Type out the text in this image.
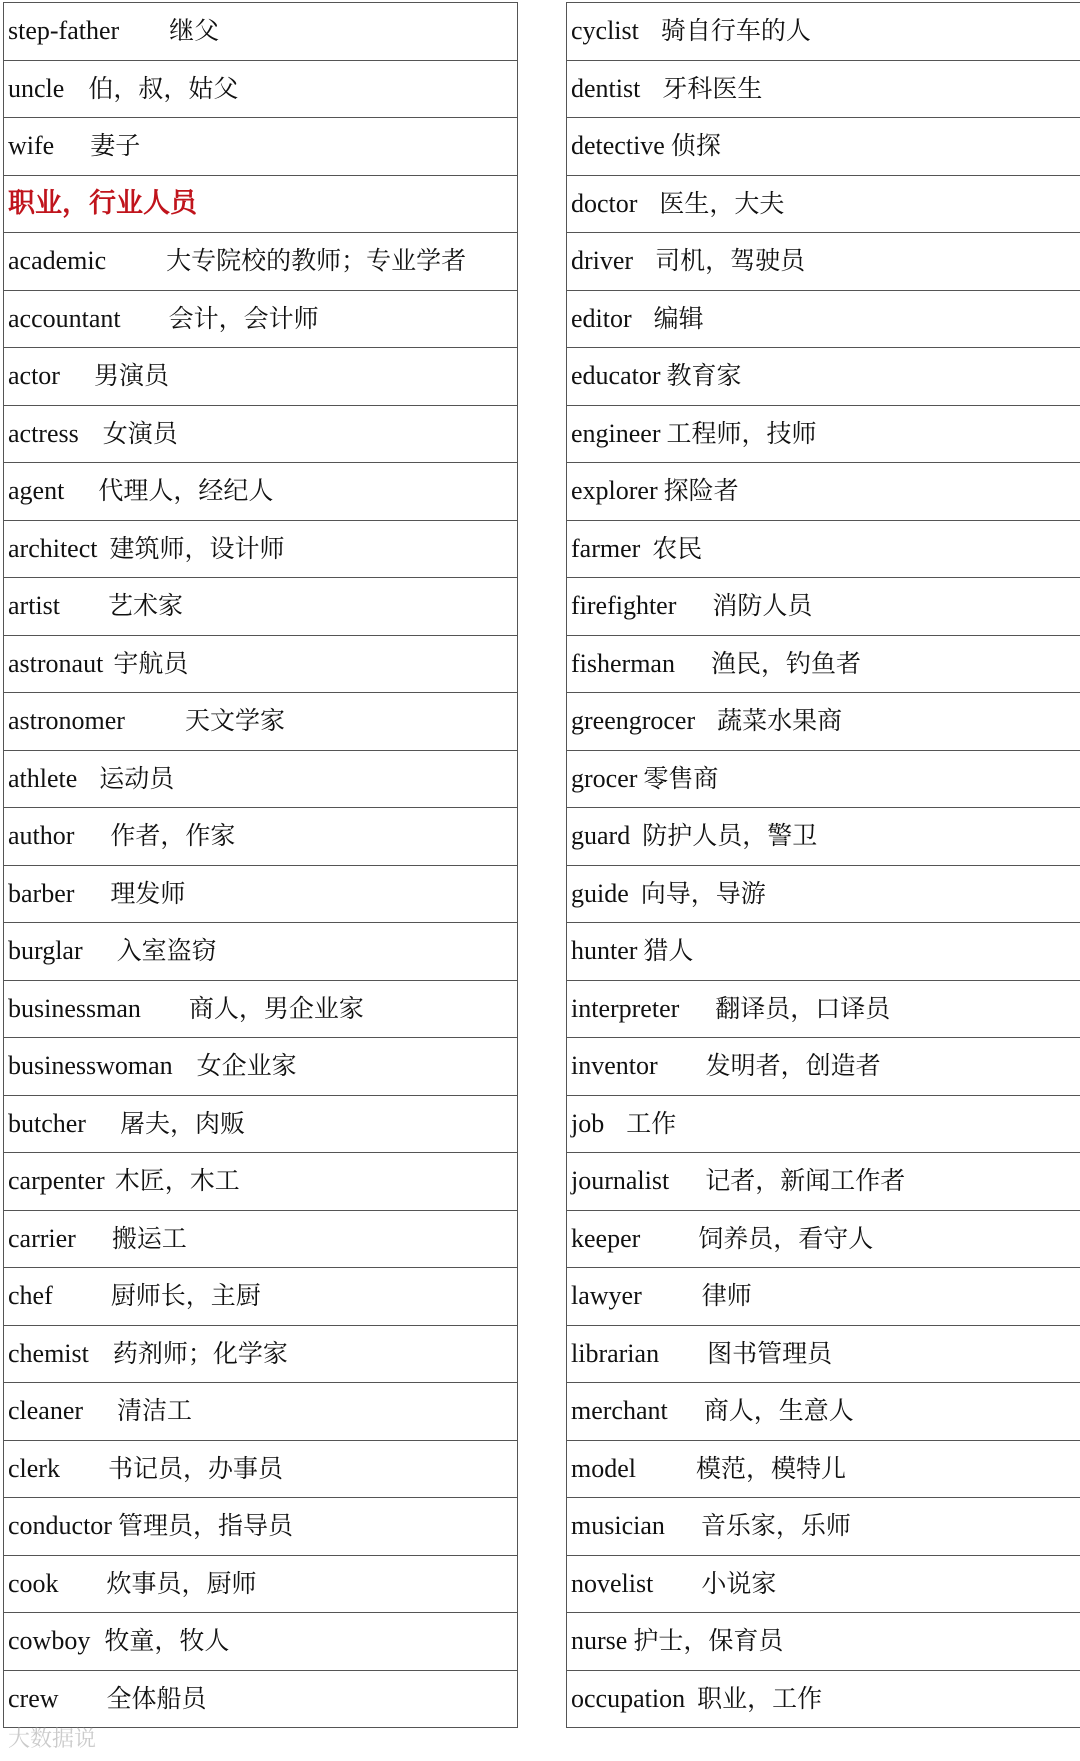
step-father 继父
uncle 伯，叔，姑父
wife 妻子
职业，行业人员
academic 大专院校的教师；专业学者
accountant 会计，会计师
actor 男演员
actress 女演员
agent 代理人，经纪人
architect 建筑师，设计师
artist 艺术家
astronaut 宇航员
astronomer 天文学家
athlete 运动员
author 作者，作家
barber 理发师
burglar 入室盗窃
businessman 商人，男企业家
businesswoman 女企业家
butcher 屠夫，肉贩
carpenter 木匠，木工
carrier 搬运工
chef 厨师长，主厨
chemist 药剂师；化学家
cleaner 清洁工
clerk 书记员，办事员
conductor 管理员，指导员
cook 炊事员，厨师
cowboy 牧童，牧人
crew 全体船员
cyclist 骑自行车的人
dentist 牙科医生
detective 侦探
doctor 医生，大夫
driver 司机，驾驶员
editor 编辑
educator 教育家
engineer 工程师，技师
explorer 探险者
farmer 农民
firefighter 消防人员
fisherman 渔民，钓鱼者
greengrocer 蔬菜水果商
grocer 零售商
guard 防护人员，警卫
guide 向导，导游
hunter 猎人
interpreter 翻译员，口译员
inventor 发明者，创造者
job 工作
journalist 记者，新闻工作者
keeper 饲养员，看守人
lawyer 律师
librarian 图书管理员
merchant 商人，生意人
model 模范，模特儿
musician 音乐家，乐师
novelist 小说家
nurse 护士，保育员
occupation 职业，工作
大数据说
